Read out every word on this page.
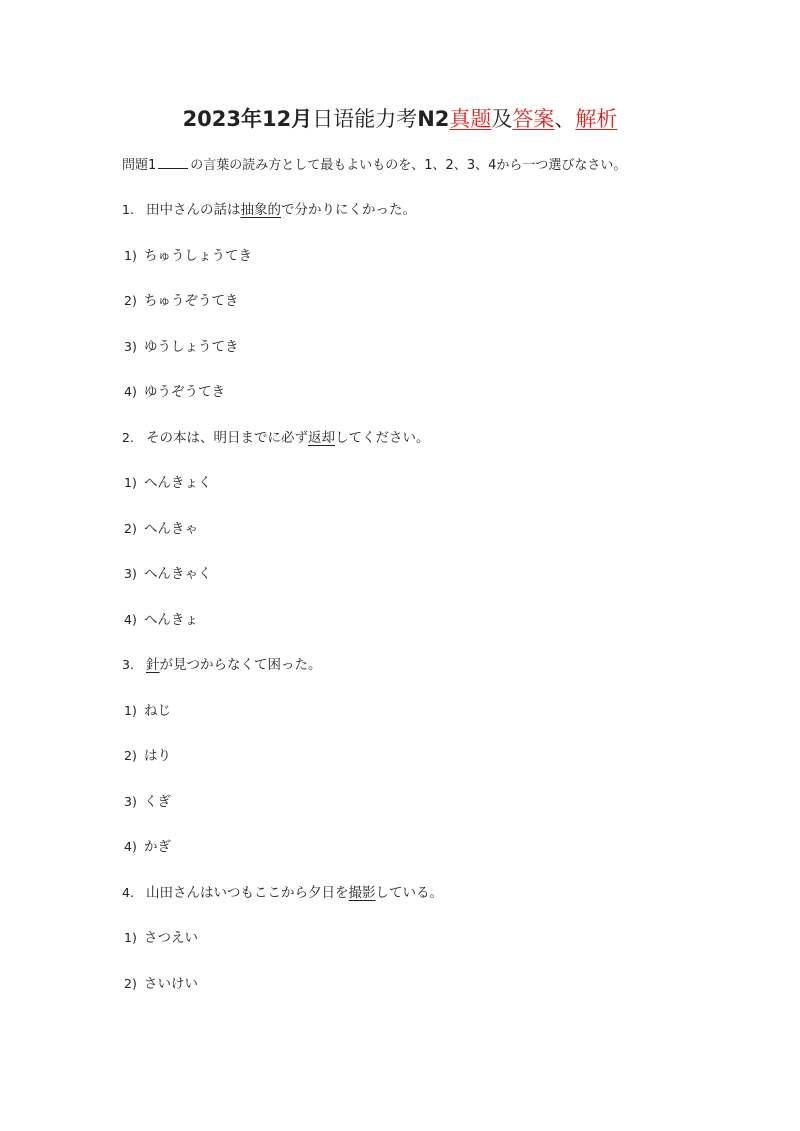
2023年12月日语能力考N2真题及答案、解析
問題1	の言葉の読み方として最もよいものを、1、2、3、4から一つ選びなさい。
1. 田中さんの話は抽象的で分かりにくかった。
1) ちゅうしょうてき
2) ちゅうぞうてき
3) ゆうしょうてき
4) ゆうぞうてき
2. その本は、明日までに必ず返却してください。
1) へんきょく
2) へんきゃ
3) へんきゃく
4) へんきょ
3. 針が見つからなくて困った。
1) ねじ
2) はり
3) くぎ
4) かぎ
4. 山田さんはいつもここから夕日を撮影している。
1) さつえい
2) さいけい
